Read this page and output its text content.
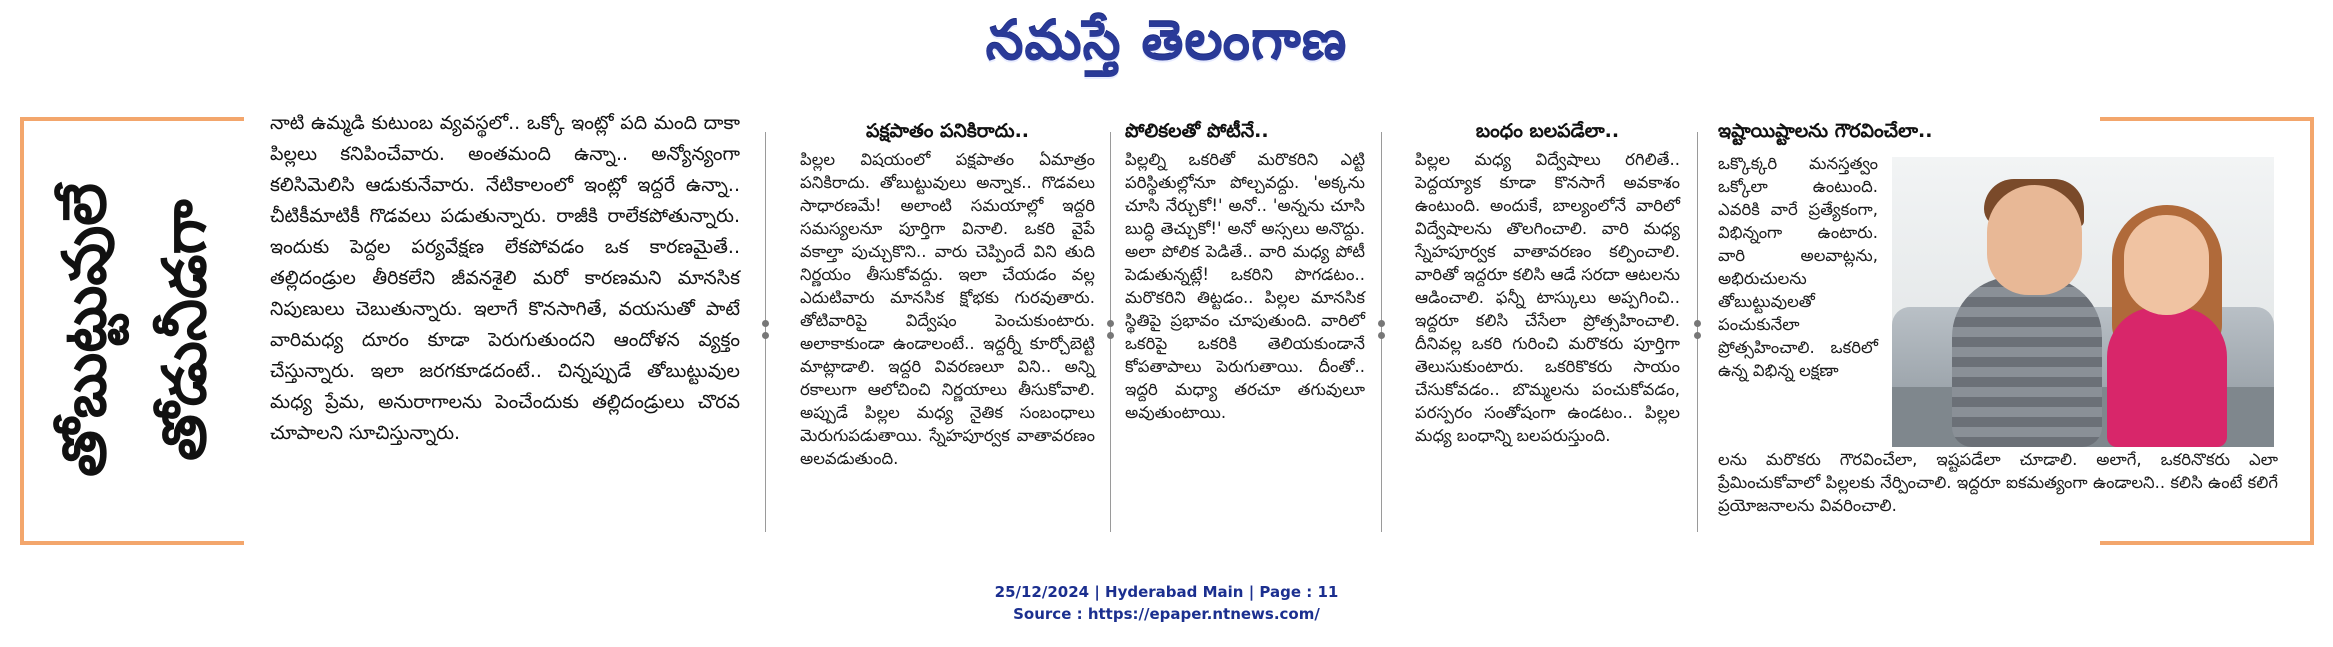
నమస్తే తెలంగాణ
తోబుట్టువులే తోడునీడగా

నాటి ఉమ్మడి కుటుంబ వ్యవస్థలో.. ఒక్కో ఇంట్లో పది మంది దాకా పిల్లలు కనిపించేవారు. అంతమంది ఉన్నా.. అన్యోన్యంగా కలిసిమెలిసి ఆడుకునేవారు. నేటికాలంలో ఇంట్లో ఇద్దరే ఉన్నా.. చీటికీమాటికీ గొడవలు పడుతున్నారు. రాజీకి రాలేకపోతున్నారు. ఇందుకు పెద్దల పర్యవేక్షణ లేకపోవడం ఒక కారణమైతే.. తల్లిదండ్రుల తీరికలేని జీవనశైలి మరో కారణమని మానసిక నిపుణులు చెబుతున్నారు. ఇలాగే కొనసాగితే, వయసుతో పాటే వారిమధ్య దూరం కూడా పెరుగుతుందని ఆందోళన వ్యక్తం చేస్తున్నారు. ఇలా జరగకూడదంటే.. చిన్నప్పుడే తోబుట్టువుల మధ్య ప్రేమ, అనురాగాలను పెంచేందుకు తల్లిదండ్రులు చొరవ చూపాలని సూచిస్తున్నారు.

పక్షపాతం పనికిరాదు..

పిల్లల విషయంలో పక్షపాతం ఏమాత్రం పనికిరాదు. తోబుట్టువులు అన్నాక.. గొడవలు సాధారణమే! అలాంటి సమయాల్లో ఇద్దరి సమస్యలనూ పూర్తిగా వినాలి. ఒకరి వైపే వకాల్తా పుచ్చుకొని.. వారు చెప్పిందే విని తుది నిర్ణయం తీసుకోవద్దు. ఇలా చేయడం వల్ల ఎదుటివారు మానసిక క్షోభకు గురవుతారు. తోటివారిపై విద్వేషం పెంచుకుంటారు. అలాకాకుండా ఉండాలంటే.. ఇద్దర్నీ కూర్చోబెట్టి మాట్లాడాలి. ఇద్దరి వివరణలూ విని.. అన్ని రకాలుగా ఆలోచించి నిర్ణయాలు తీసుకోవాలి. అప్పుడే పిల్లల మధ్య నైతిక సంబంధాలు మెరుగుపడుతాయి. స్నేహపూర్వక వాతావరణం అలవడుతుంది.

పోలికలతో పోటీనే..

పిల్లల్ని ఒకరితో మరొకరిని ఎట్టి పరిస్థితుల్లోనూ పోల్చవద్దు. 'అక్కను చూసి నేర్చుకో!' అనో.. 'అన్నను చూసి బుద్ధి తెచ్చుకో!' అనో అస్సలు అనొద్దు. అలా పోలిక పెడితే.. వారి మధ్య పోటీ పెడుతున్నట్లే! ఒకరిని పొగడటం.. మరొకరిని తిట్టడం.. పిల్లల మానసిక స్థితిపై ప్రభావం చూపుతుంది. వారిలో ఒకరిపై ఒకరికి తెలియకుండానే కోపతాపాలు పెరుగుతాయి. దీంతో.. ఇద్దరి మధ్యా తరచూ తగువులూ అవుతుంటాయి.

బంధం బలపడేలా..

పిల్లల మధ్య విద్వేషాలు రగిలితే.. పెద్దయ్యాక కూడా కొనసాగే అవకాశం ఉంటుంది. అందుకే, బాల్యంలోనే వారిలో విద్వేషాలను తొలగించాలి. వారి మధ్య స్నేహపూర్వక వాతావరణం కల్పించాలి. వారితో ఇద్దరూ కలిసి ఆడే సరదా ఆటలను ఆడించాలి. ఫన్నీ టాస్కులు అప్పగించి.. ఇద్దరూ కలిసి చేసేలా ప్రోత్సహించాలి. దీనివల్ల ఒకరి గురించి మరొకరు పూర్తిగా తెలుసుకుంటారు. ఒకరికొకరు సాయం చేసుకోవడం.. బొమ్మలను పంచుకోవడం, పరస్పరం సంతోషంగా ఉండటం.. పిల్లల మధ్య బంధాన్ని బలపరుస్తుంది.

ఇష్టాయిష్టాలను గౌరవించేలా..

ఒక్కొక్కరి మనస్తత్వం ఒక్కోలా ఉంటుంది. ఎవరికి వారే ప్రత్యేకంగా, విభిన్నంగా ఉంటారు. వారి అలవాట్లను, అభిరుచులను తోబుట్టువులతో పంచుకునేలా ప్రోత్సహించాలి. ఒకరిలో ఉన్న విభిన్న లక్షణా

లను మరొకరు గౌరవించేలా, ఇష్టపడేలా చూడాలి. అలాగే, ఒకరినొకరు ఎలా ప్రేమించుకోవాలో పిల్లలకు నేర్పించాలి. ఇద్దరూ ఐకమత్యంగా ఉండాలని.. కలిసి ఉంటే కలిగే ప్రయోజనాలను వివరించాలి.

25/12/2024 | Hyderabad Main | Page : 11
Source : https://epaper.ntnews.com/
